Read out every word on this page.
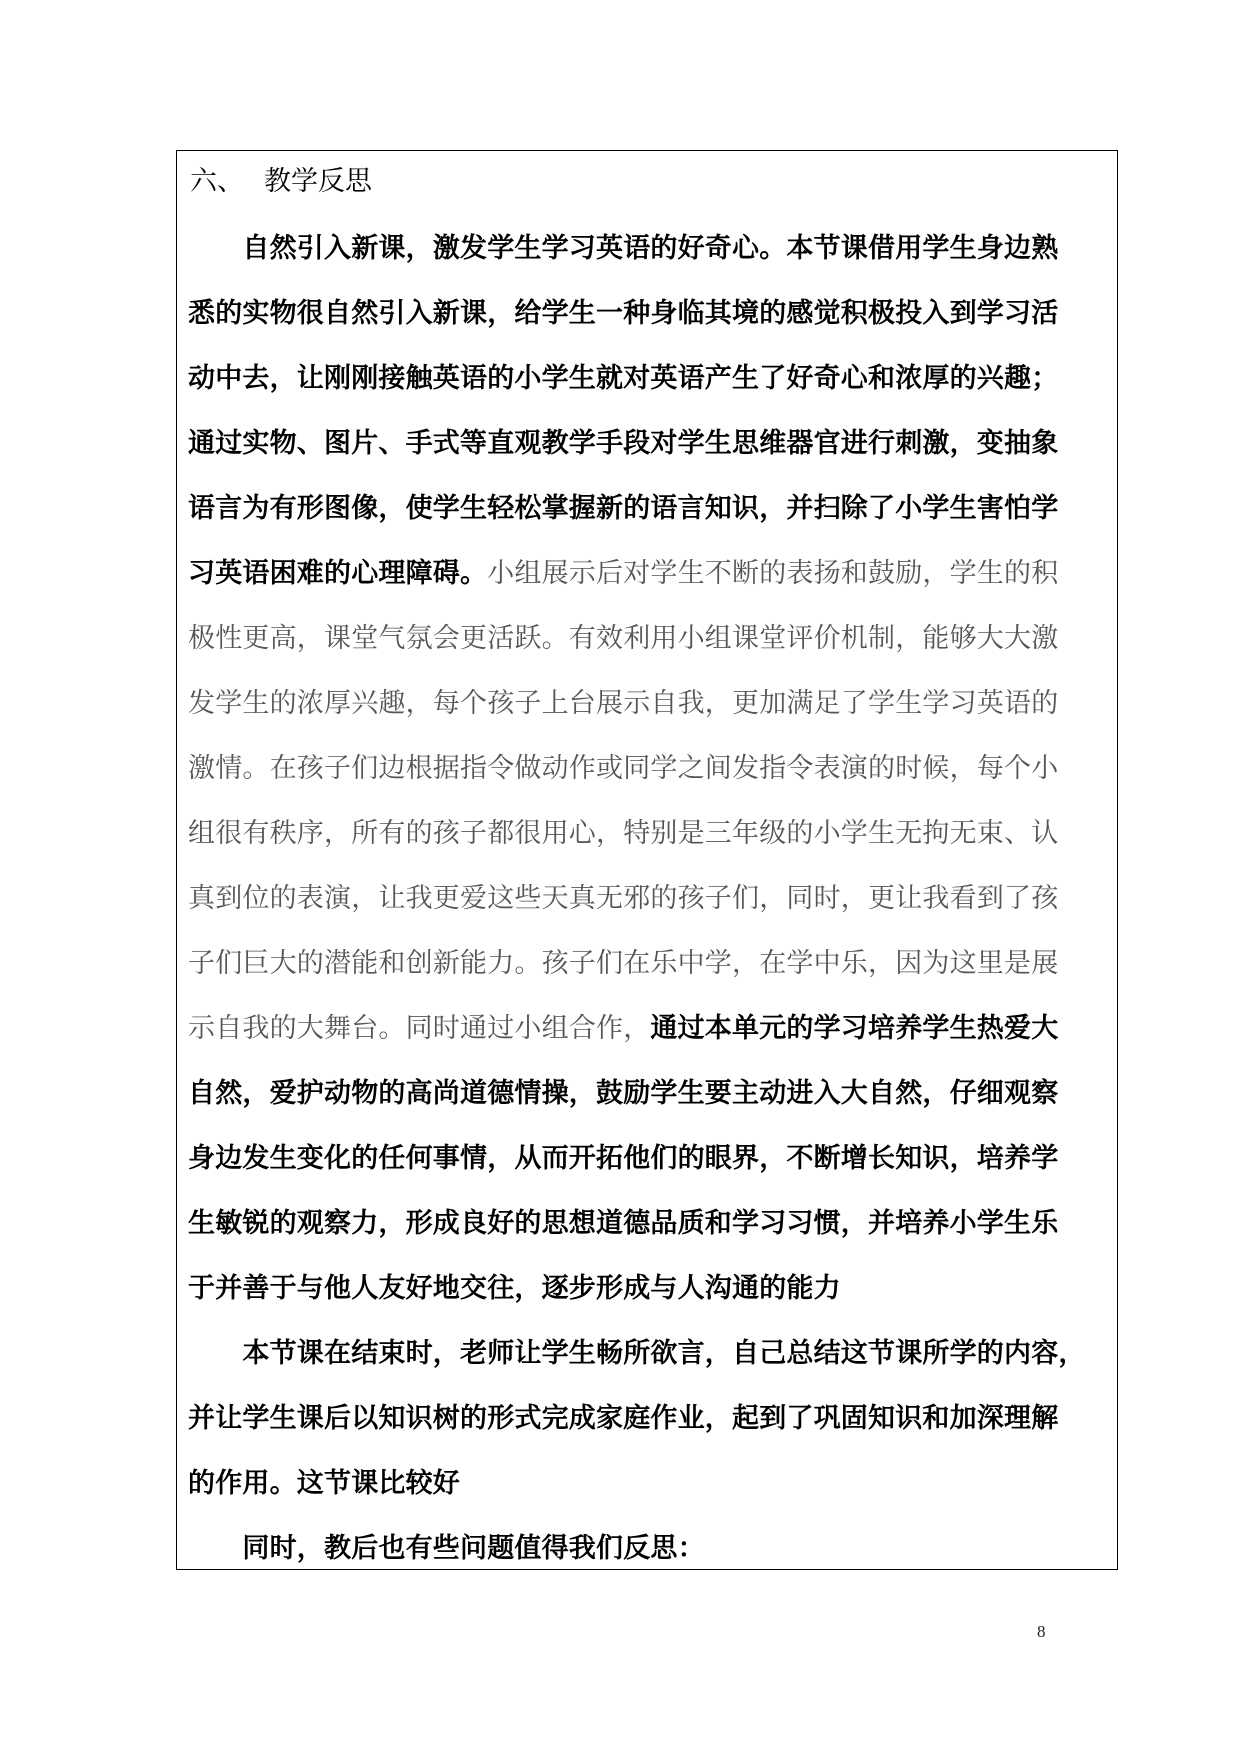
六、 教学反思
　　自然引入新课，激发学生学习英语的好奇心。本节课借用学生身边熟
悉的实物很自然引入新课，给学生一种身临其境的感觉积极投入到学习活
动中去，让刚刚接触英语的小学生就对英语产生了好奇心和浓厚的兴趣；
通过实物、图片、手式等直观教学手段对学生思维器官进行刺激，变抽象
语言为有形图像，使学生轻松掌握新的语言知识，并扫除了小学生害怕学
习英语困难的心理障碍。小组展示后对学生不断的表扬和鼓励，学生的积
极性更高，课堂气氛会更活跃。有效利用小组课堂评价机制，能够大大激
发学生的浓厚兴趣，每个孩子上台展示自我，更加满足了学生学习英语的
激情。在孩子们边根据指令做动作或同学之间发指令表演的时候，每个小
组很有秩序，所有的孩子都很用心，特别是三年级的小学生无拘无束、认
真到位的表演，让我更爱这些天真无邪的孩子们，同时，更让我看到了孩
子们巨大的潜能和创新能力。孩子们在乐中学，在学中乐，因为这里是展
示自我的大舞台。同时通过小组合作，通过本单元的学习培养学生热爱大
自然，爱护动物的高尚道德情操，鼓励学生要主动进入大自然，仔细观察
身边发生变化的任何事情，从而开拓他们的眼界，不断增长知识，培养学
生敏锐的观察力，形成良好的思想道德品质和学习习惯，并培养小学生乐
于并善于与他人友好地交往，逐步形成与人沟通的能力
　　本节课在结束时，老师让学生畅所欲言，自己总结这节课所学的内容，
并让学生课后以知识树的形式完成家庭作业，起到了巩固知识和加深理解
的作用。这节课比较好
　　同时，教后也有些问题值得我们反思：
8
